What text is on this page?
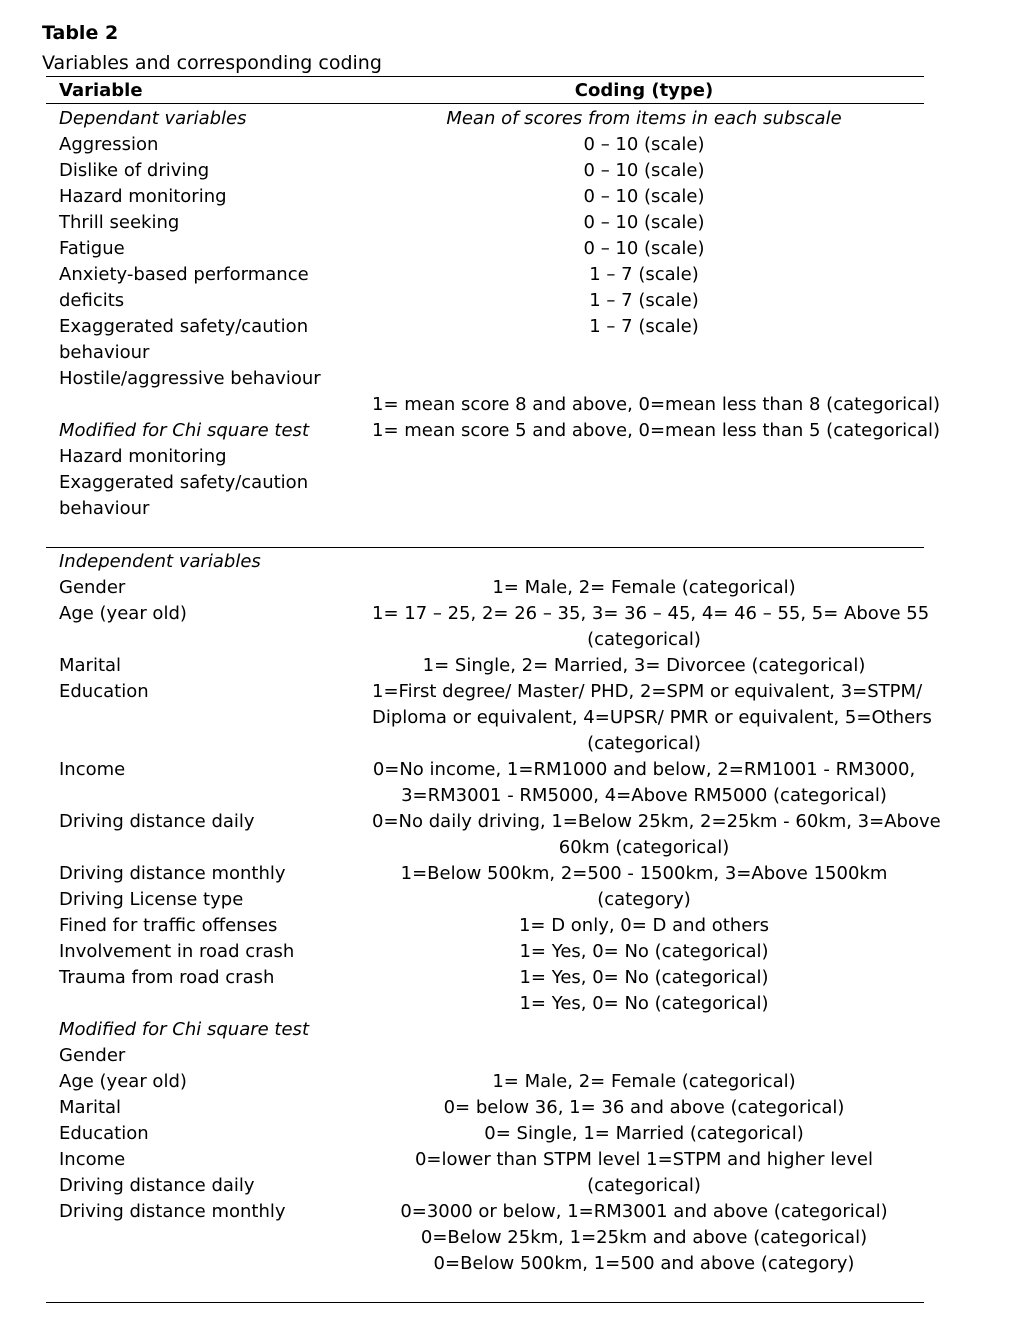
Table 2
Variables and corresponding coding
Variable	Coding (type)
Dependant variables
Aggression
Dislike of driving
Hazard monitoring
Thrill seeking
Fatigue
Anxiety-based performance
deficits
Exaggerated safety/caution
behaviour
Hostile/aggressive behaviour
Modified for Chi square test
Hazard monitoring
Exaggerated safety/caution
behaviour
Mean of scores from items in each subscale
0 – 10 (scale)
0 – 10 (scale)
0 – 10 (scale)
0 – 10 (scale)
0 – 10 (scale)
1 – 7 (scale)
1 – 7 (scale)
1 – 7 (scale)
1= mean score 8 and above, 0=mean less than 8 (categorical)
1= mean score 5 and above, 0=mean less than 5 (categorical)
Independent variables
Gender
Age (year old)
Marital
Education
Income
Driving distance daily
Driving distance monthly
Driving License type
Fined for traffic offenses
Involvement in road crash
Trauma from road crash
Modified for Chi square test
Gender
Age (year old)
Marital
Education
Income
Driving distance daily
Driving distance monthly
1= Male, 2= Female (categorical)
1= 17 – 25, 2= 26 – 35, 3= 36 – 45, 4= 46 – 55, 5= Above 55
(categorical)
1= Single, 2= Married, 3= Divorcee (categorical)
1=First degree/ Master/ PHD, 2=SPM or equivalent, 3=STPM/
Diploma or equivalent, 4=UPSR/ PMR or equivalent, 5=Others
(categorical)
0=No income, 1=RM1000 and below, 2=RM1001 - RM3000,
3=RM3001 - RM5000, 4=Above RM5000 (categorical)
0=No daily driving, 1=Below 25km, 2=25km - 60km, 3=Above
60km (categorical)
1=Below 500km, 2=500 - 1500km, 3=Above 1500km
(category)
1= D only, 0= D and others
1= Yes, 0= No (categorical)
1= Yes, 0= No (categorical)
1= Yes, 0= No (categorical)
1= Male, 2= Female (categorical)
0= below 36, 1= 36 and above (categorical)
0= Single, 1= Married (categorical)
0=lower than STPM level 1=STPM and higher level
(categorical)
0=3000 or below, 1=RM3001 and above (categorical)
0=Below 25km, 1=25km and above (categorical)
0=Below 500km, 1=500 and above (category)
